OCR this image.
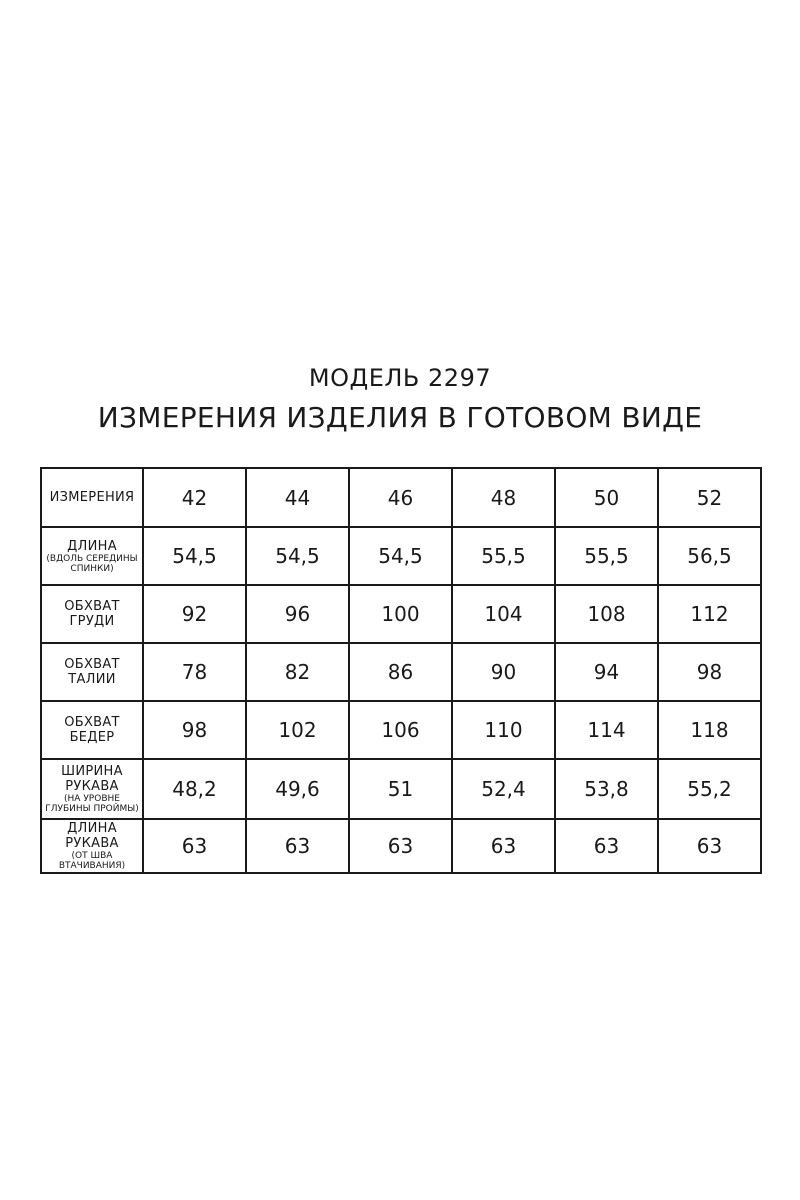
МОДЕЛЬ 2297
ИЗМЕРЕНИЯ ИЗДЕЛИЯ В ГОТОВОМ ВИДЕ
ИЗМЕРЕНИЯ	42	44	46	48	50	52
ДЛИНА
(ВДОЛЬ СЕРЕДИНЫ СПИНКИ)	54,5	54,5	54,5	55,5	55,5	56,5
ОБХВАТ ГРУДИ	92	96	100	104	108	112
ОБХВАТ ТАЛИИ	78	82	86	90	94	98
ОБХВАТ БЕДЕР	98	102	106	110	114	118
ШИРИНА РУКАВА
(НА УРОВНЕ ГЛУБИНЫ ПРОЙМЫ)	48,2	49,6	51	52,4	53,8	55,2
ДЛИНА РУКАВА
(ОТ ШВА ВТАЧИВАНИЯ)	63	63	63	63	63	63
